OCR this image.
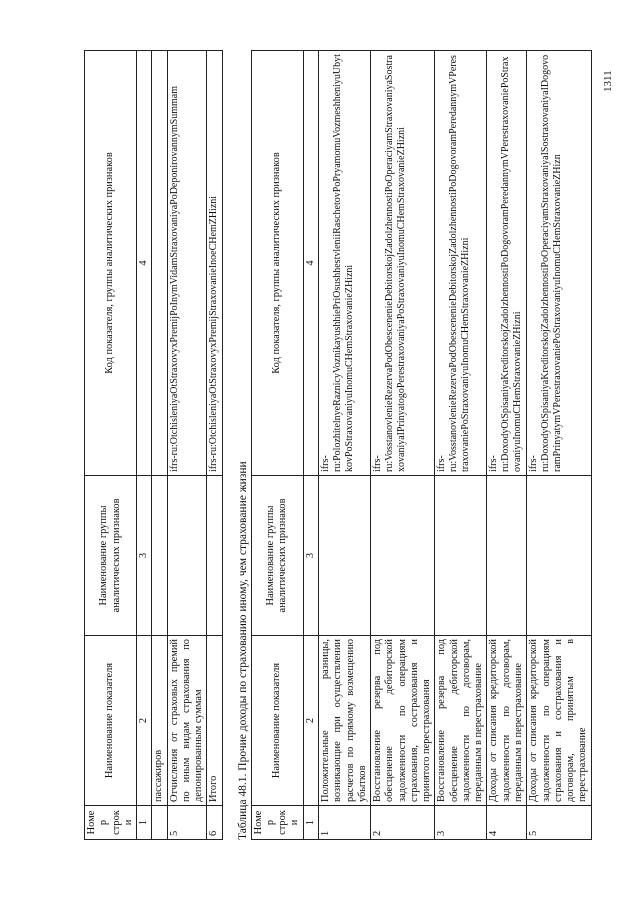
1311
Номер строки	Наименование показателя	Наименование группы аналитических признаков	Код показателя, группы аналитических признаков
1	2	3	4
	пассажиров		
5	Отчисления от страховых премий по иным видам страхования по депонированным суммам		ifrs-ru:OtchisleniyaOtStraxovyxPremijPoInymVidamStraxovaniyaPoDeponirovannymSummam
6	Итого		ifrs-ru:OtchisleniyaOtStraxovyxPremijStraxovanieInoeCHemZHizni
Таблица 48.1. Прочие доходы по страхованию иному, чем страхование жизни Номер строки	Наименование показателя	Наименование группы аналитических признаков	Код показателя, группы аналитических признаков
1	2	3	4
1	Положительные разницы, возникающие при осуществлении расчетов по прямому возмещению убытков		ifrs-ru:PolozhitelnyeRaznicyVoznikayushhiePriOsushhestvleniiRaschetovPoPryamomuVozmeshheniyuUbytkovPoStraxovaniyuInomuCHemStraxovanieZHizni
2	Восстановление резерва под обесценение дебиторской задолженности по операциям страхования, сострахования и принятого перестрахования		ifrs-ru:VosstanovlenieRezervaPodObesceneniеDebitorskojZadolzhennostiPoOperaciyamStraxovaniyaSostraxovaniyaIPrinyatogoPerestraxovaniyaPoStraxovaniyuInomuCHemStraxovanieZHizni
3	Восстановление резерва под обесценение дебиторской задолженности по договорам, переданным в перестрахование		ifrs-ru:VosstanovlenieRezervaPodObesceneniеDebitorskojZadolzhennostiPoDogovoramPeredannymVPerestraxovaniePoStraxovaniyuInomuCHemStraxovanieZHizni
4	Доходы от списания кредиторской задолженности по договорам, переданным в перестрахование		ifrs-ru:DoxodyOtSpisaniyaKreditorskojZadolzhennostiPoDogovoramPeredannymVPerestraxovaniePoStraxovaniyuInomuCHemStraxovanieZHizni
5	Доходы от списания кредиторской задолженности по операциям страхования и сострахования и договорам, принятым в перестрахование		ifrs-ru:DoxodyOtSpisaniyaKreditorskojZadolzhennostiPoOperaciyamStraxovaniyaISostraxovaniyaIDogovoramPrinyatymVPerestraxovaniePoStraxovaniyuInomuCHemStraxovanieZHizn
